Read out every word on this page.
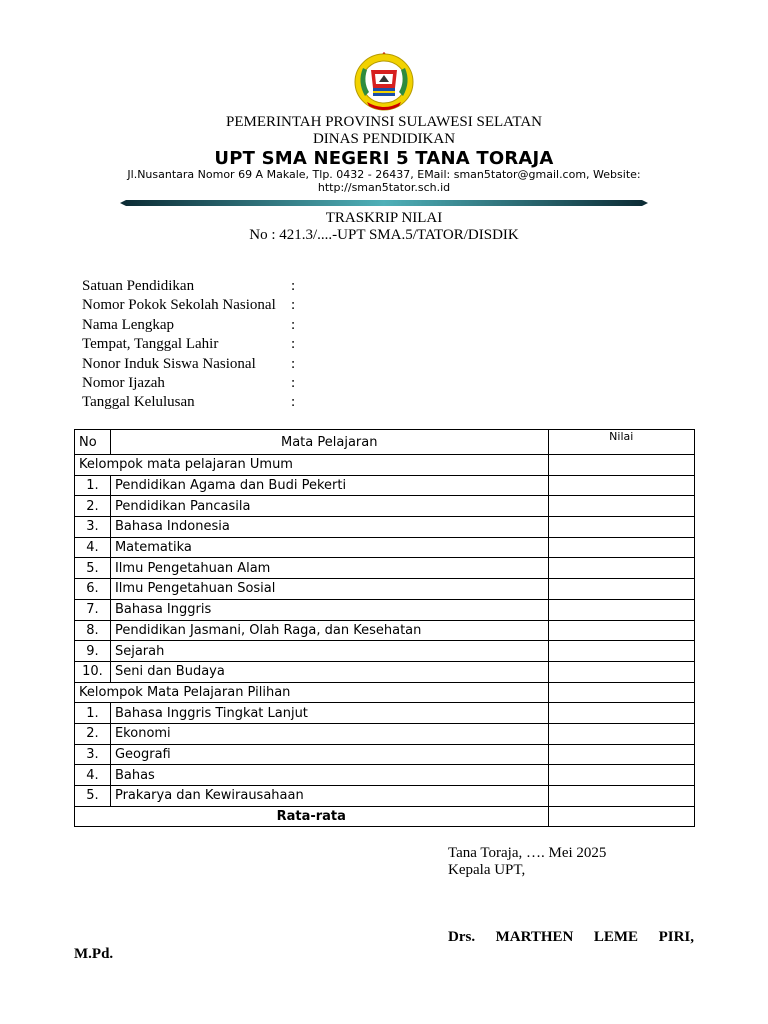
PEMERINTAH PROVINSI SULAWESI SELATAN
DINAS PENDIDIKAN
UPT SMA NEGERI 5 TANA TORAJA
Jl.Nusantara Nomor 69 A Makale, Tlp. 0432 - 26437, EMail: sman5tator@gmail.com, Website: http://sman5tator.sch.id
TRASKRIP NILAI
No : 421.3/....-UPT SMA.5/TATOR/DISDIK
Satuan Pendidikan	:
Nomor Pokok Sekolah Nasional :
Nama Lengkap	:
Tempat, Tanggal Lahir	:
Nonor Induk Siswa Nasional :
Nomor Ijazah	:
Tanggal Kelulusan	:
No	Mata Pelajaran	Nilai
Kelompok mata pelajaran Umum		
1.	Pendidikan Agama dan Budi Pekerti	
2.	Pendidikan Pancasila	
3.	Bahasa Indonesia	
4.	Matematika	
5.	Ilmu Pengetahuan Alam	
6.	Ilmu Pengetahuan Sosial	
7.	Bahasa Inggris	
8.	Pendidikan Jasmani, Olah Raga, dan Kesehatan	
9.	Sejarah	
10.	Seni dan Budaya	
Kelompok Mata Pelajaran Pilihan		
1.	Bahasa Inggris Tingkat Lanjut	
2.	Ekonomi	
3.	Geografi	
4.	Bahas	
5.	Prakarya dan Kewirausahaan	
Rata-rata		
Tana Toraja, …. Mei 2025
Kepala UPT,
Drs. MARTHEN LEME PIRI,
M.Pd.
